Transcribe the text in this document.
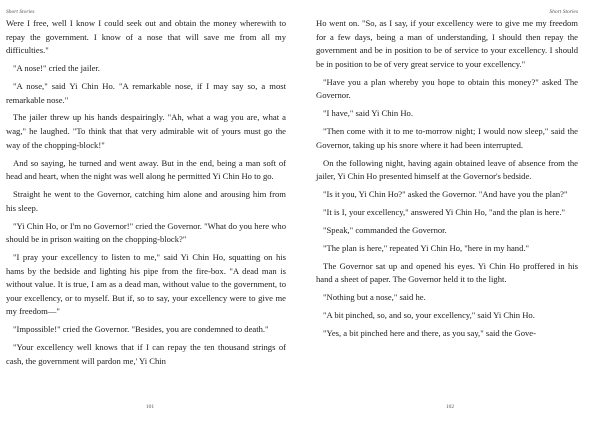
Short Stories

Were I free, well I know I could seek out and obtain the money wherewith to repay the government. I know of a nose that will save me from all my difficulties."

"A nose!" cried the jailer.

"A nose," said Yi Chin Ho. "A remarkable nose, if I may say so, a most remarkable nose."

The jailer threw up his hands despairingly. "Ah, what a wag you are, what a wag," he laughed. "To think that that very admirable wit of yours must go the way of the chopping-block!"

And so saying, he turned and went away. But in the end, being a man soft of head and heart, when the night was well along he permitted Yi Chin Ho to go.

Straight he went to the Governor, catching him alone and arousing him from his sleep.

"Yi Chin Ho, or I'm no Governor!" cried the Governor. "What do you here who should be in prison waiting on the chopping-block?"

"I pray your excellency to listen to me," said Yi Chin Ho, squatting on his hams by the bedside and lighting his pipe from the fire-box. "A dead man is without value. It is true, I am as a dead man, without value to the government, to your excellency, or to myself. But if, so to say, your excellency were to give me my freedom—"

"Impossible!" cried the Governor. "Besides, you are condemned to death."

"Your excellency well knows that if I can repay the ten thousand strings of cash, the government will pardon me,' Yi Chin

101
Short Stories

Ho went on. "So, as I say, if your excellency were to give me my freedom for a few days, being a man of understanding, I should then repay the government and be in position to be of service to your excellency. I should be in position to be of very great service to your excellency."

"Have you a plan whereby you hope to obtain this money?" asked The Governor.

"I have," said Yi Chin Ho.

"Then come with it to me to-morrow night; I would now sleep," said the Governor, taking up his snore where it had been interrupted.

On the following night, having again obtained leave of absence from the jailer, Yi Chin Ho presented himself at the Governor's bedside.

"Is it you, Yi Chin Ho?" asked the Governor. "And have you the plan?"

"It is I, your excellency," answered Yi Chin Ho, "and the plan is here."

"Speak," commanded the Governor.

"The plan is here," repeated Yi Chin Ho, "here in my hand."

The Governor sat up and opened his eyes. Yi Chin Ho proffered in his hand a sheet of paper. The Governor held it to the light.

"Nothing but a nose," said he.

"A bit pinched, so, and so, your excellency," said Yi Chin Ho.

"Yes, a bit pinched here and there, as you say," said the Gove-

102
